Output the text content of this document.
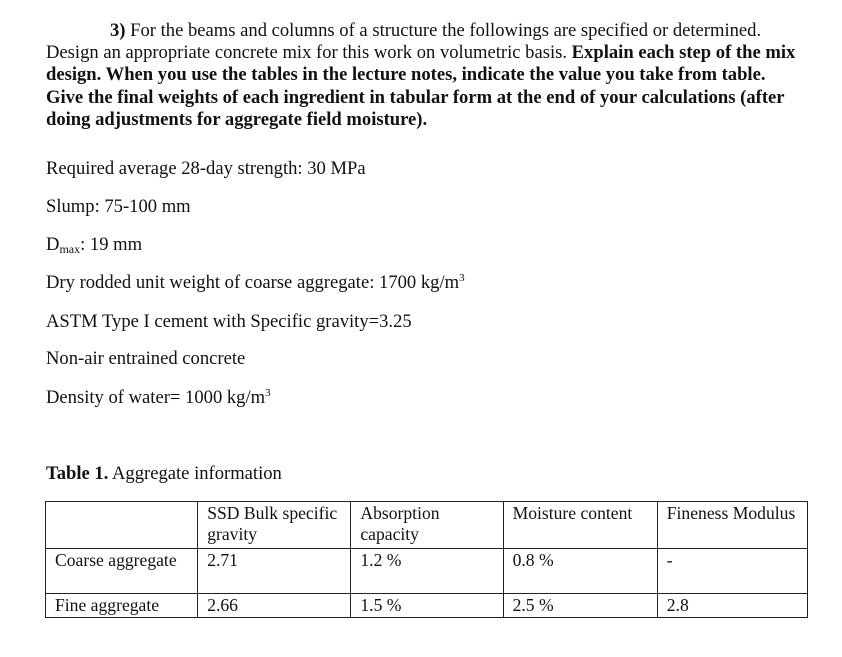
3) For the beams and columns of a structure the followings are specified or determined. Design an appropriate concrete mix for this work on volumetric basis. Explain each step of the mix design. When you use the tables in the lecture notes, indicate the value you take from table. Give the final weights of each ingredient in tabular form at the end of your calculations (after doing adjustments for aggregate field moisture).

Required average 28-day strength: 30 MPa
Slump: 75-100 mm
$D_{max}$: 19 mm
Dry rodded unit weight of coarse aggregate: 1700 $kg/m^3$
ASTM Type I cement with Specific gravity=3.25
Non-air entrained concrete
Density of water= 1000 $kg/m^3$
Table 1. Aggregate information
	SSD Bulk specific gravity	Absorption capacity	Moisture content	Fineness Modulus
Coarse aggregate	2.71	1.2 %	0.8 %	-
Fine aggregate	2.66	1.5 %	2.5 %	2.8
